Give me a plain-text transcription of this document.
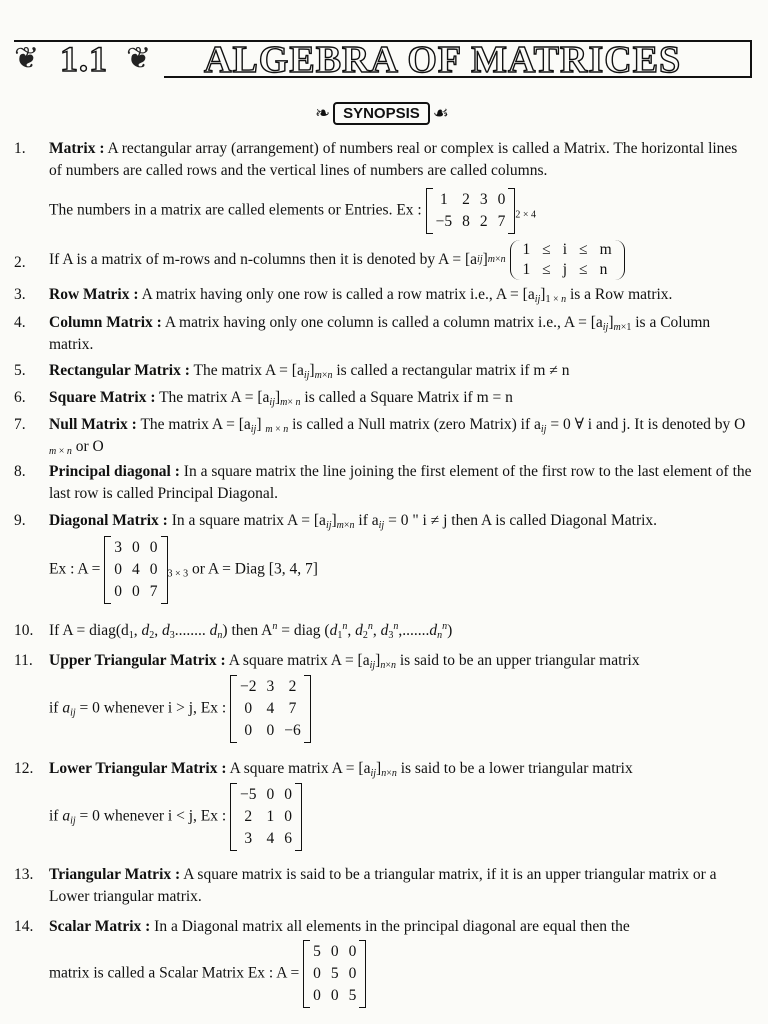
❦ 1.1 ❦ ALGEBRA OF MATRICES
❧ SYNOPSIS ☙
1.	Matrix : A rectangular array (arrangement) of numbers real or complex is called a Matrix. The horizontal lines of numbers are called rows and the vertical lines of numbers are called columns.
The numbers in a matrix are called elements or Entries. Ex :
1	2	3	0
−5	8	2	7 $_{2 \times 4}$
2.	If A is a matrix of m-rows and n-columns then it is denoted by A = [a ij ] m×n

1	≤	i	≤	m
1	≤	j	≤	n
3.	Row Matrix : A matrix having only one row is called a row matrix i.e., $A = [a_{ij}]_{1 \times n}$ is a Row matrix.
4.	Column Matrix : A matrix having only one column is called a column matrix i.e., $A = [a_{ij}]_{m\times 1}$ is a Column matrix.
5.	Rectangular Matrix : The matrix $A = [a_{ij}]_{m\times n}$ is called a rectangular matrix if m ≠ n
6.	Square Matrix : The matrix $A = [a_{ij}]_{m\times n}$ is called a Square Matrix if m = n
7.	Null Matrix : The matrix $A = [a_{ij}]$ $_{m \times n}$ is called a Null matrix (zero Matrix) if $a_{ij} = 0$ ∀ i and j. It is denoted by O $_{m \times n}$ or O
8.	Principal diagonal : In a square matrix the line joining the first element of the first row to the last element of the last row is called Principal Diagonal.
9.	Diagonal Matrix : In a square matrix $A = [a_{ij}]_{m\times n}$ if $a_{ij} = 0$ " i ≠ j then A is called Diagonal Matrix.
Ex : A =
3	0	0
0	4	0
0	0	7
$_{3 \times 3}$ or A = Diag [3, 4, 7]
10.	If $A = diag(d_1$, $d_2$, $d_3$........ $d_n$) then $A^n$ = diag ($d_1^n$, $d_2^n$, $d_3^n,.......d_n^n$)
11.	Upper Triangular Matrix : A square matrix $A = [a_{ij}]_{n\times n}$ is said to be an upper triangular matrix
if $a_{ij} = 0$ whenever i > j, Ex :
−2	3	2
0	4	7
0	0	−6
12.	Lower Triangular Matrix : A square matrix $A = [a_{ij}]_{n\times n}$ is said to be a lower triangular matrix
if $a_{ij} = 0$ whenever i < j, Ex :
−5	0	0
2	1	0
3	4	6
13.	Triangular Matrix : A square matrix is said to be a triangular matrix, if it is an upper triangular matrix or a Lower triangular matrix.
14.	Scalar Matrix : In a Diagonal matrix all elements in the principal diagonal are equal then the
matrix is called a Scalar Matrix Ex : A =
5	0	0
0	5	0
0	0	5
